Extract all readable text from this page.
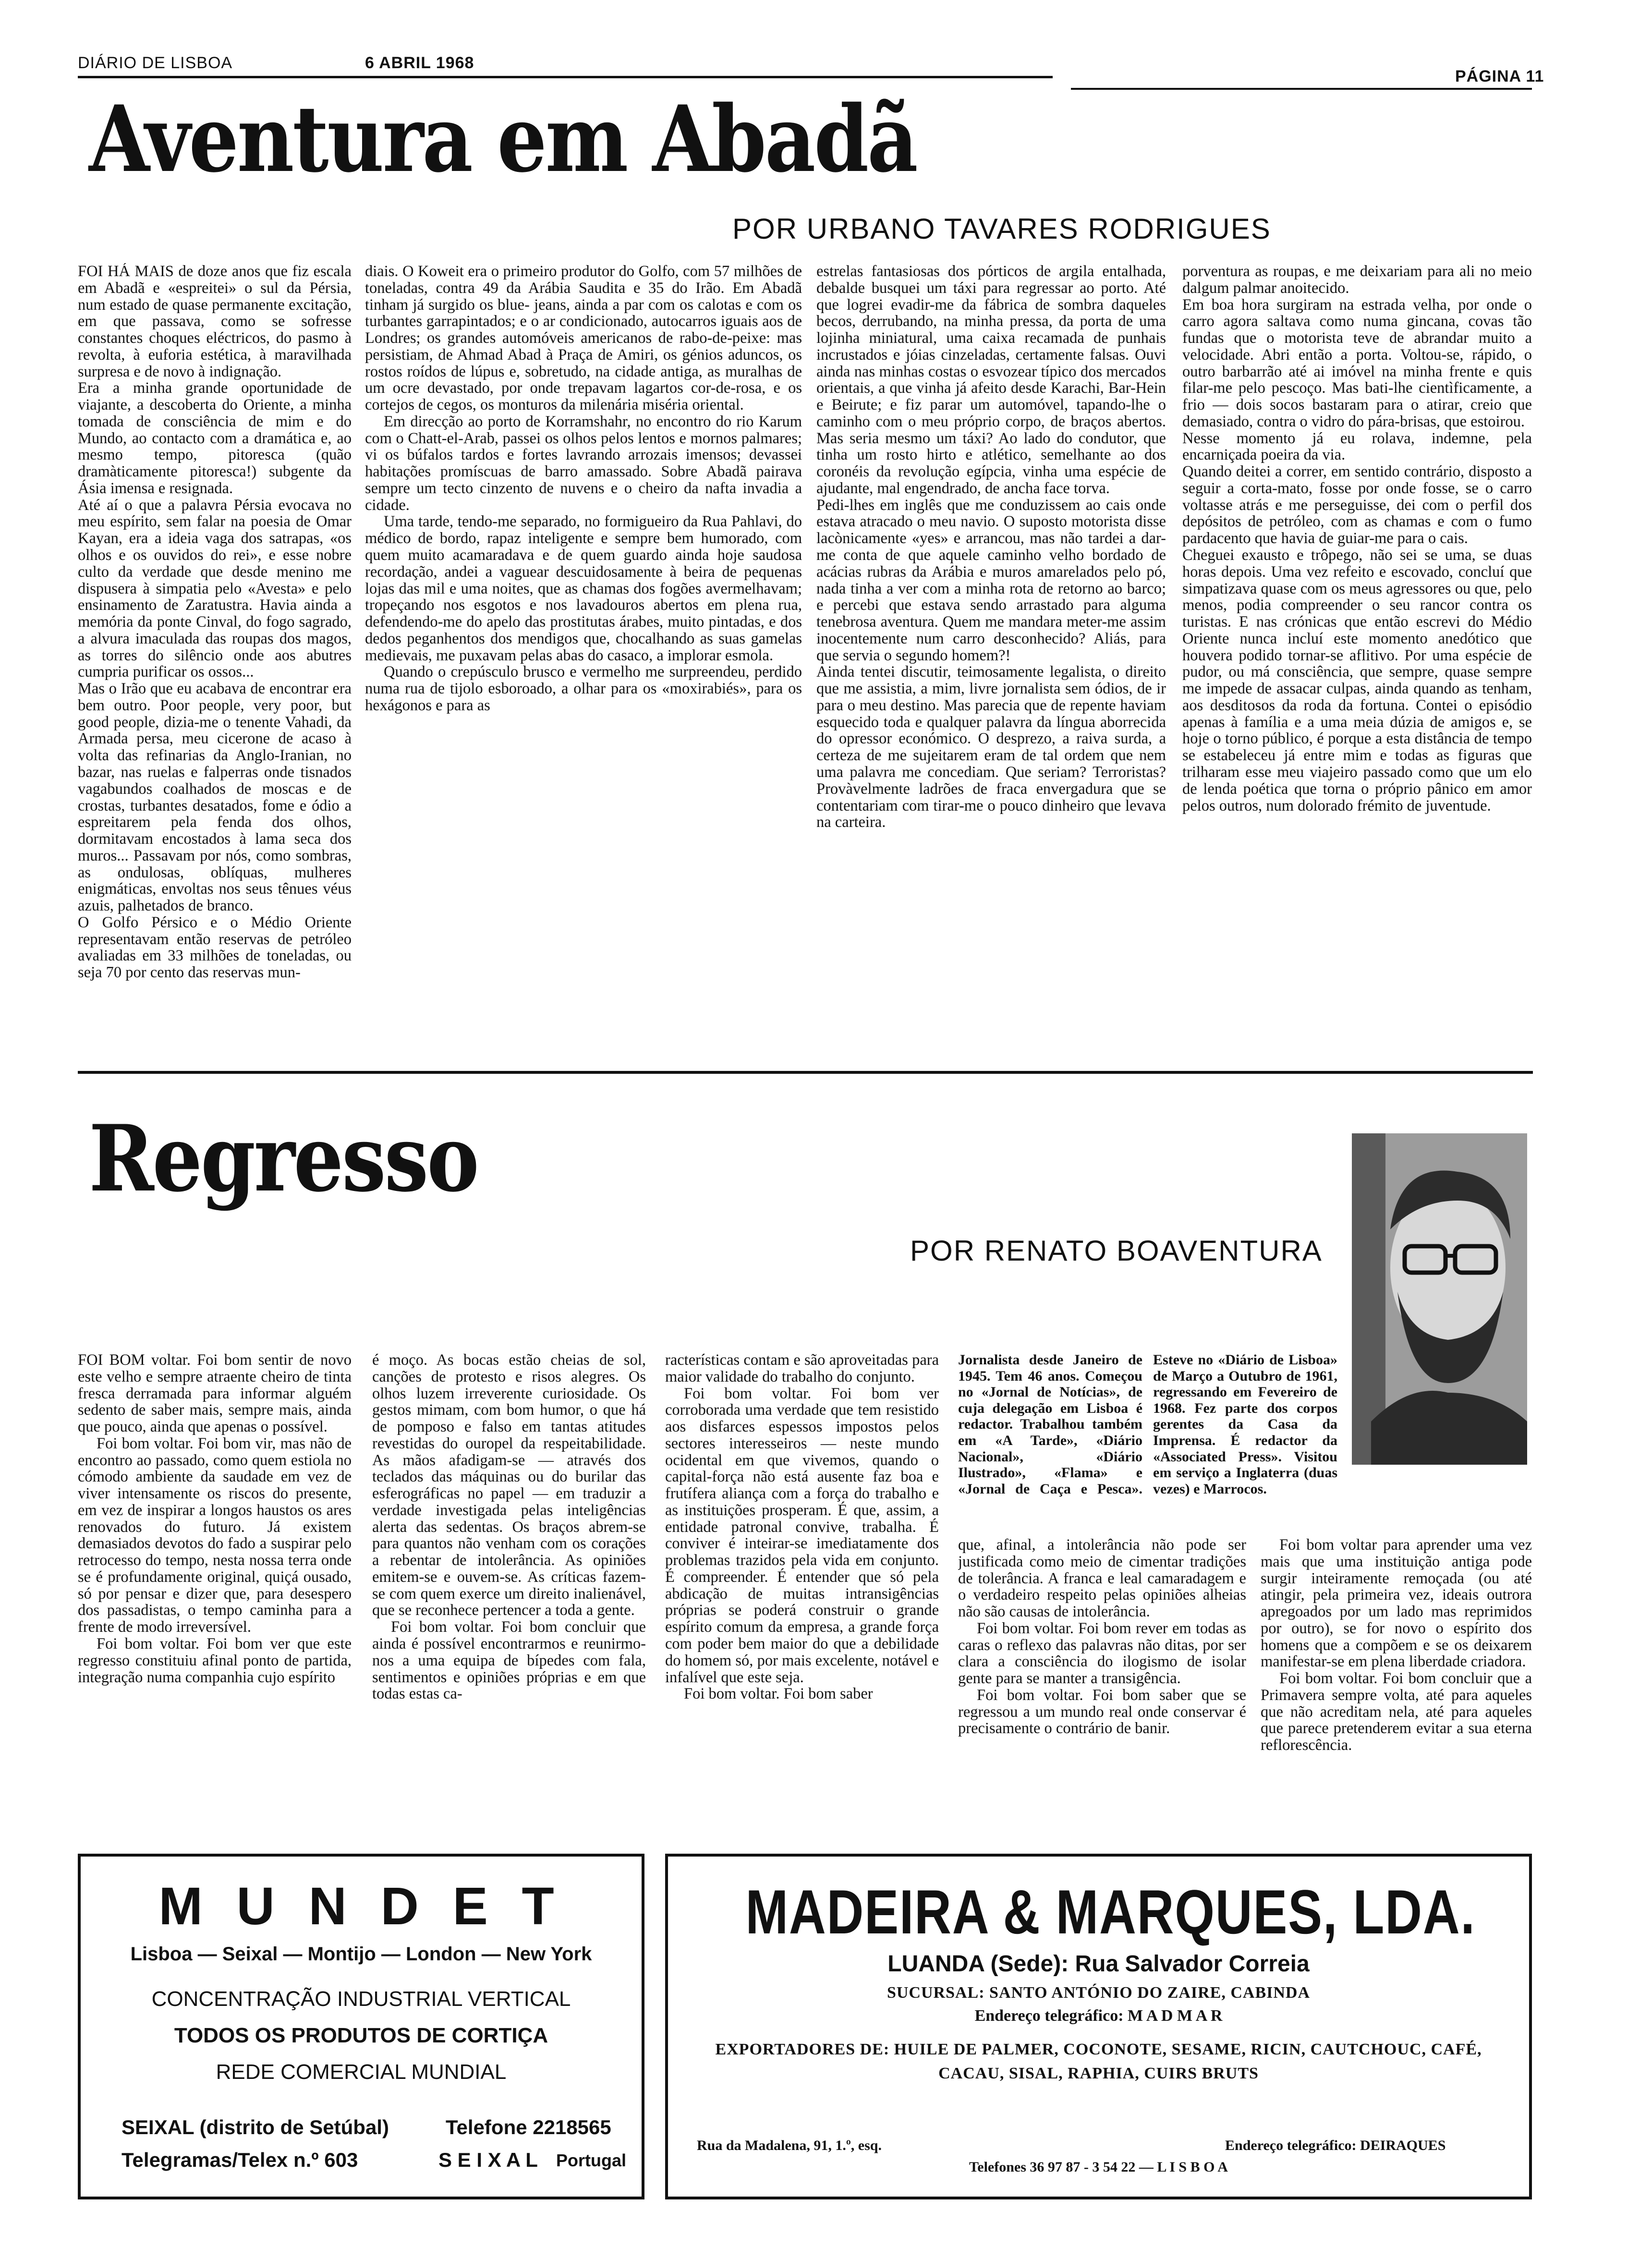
DIÁRIO DE LISBOA	6 ABRIL 1968
PÁGINA 11
Aventura em Abadã
POR URBANO TAVARES RODRIGUES

FOI HÁ MAIS de doze anos que fiz escala em Abadã e «espreitei» o sul da Pérsia, num estado de quase permanente excitação, em que passava, como se sofresse constantes choques eléctricos, do pasmo à revolta, à euforia estética, à maravilhada surpresa e de novo à indignação.

Era a minha grande oportunidade de viajante, a descoberta do Oriente, a minha tomada de consciência de mim e do Mundo, ao contacto com a dramática e, ao mesmo tempo, pitoresca (quão dramàticamente pitoresca!) subgente da Ásia imensa e resignada.

Até aí o que a palavra Pérsia evocava no meu espírito, sem falar na poesia de Omar Kayan, era a ideia vaga dos satrapas, «os olhos e os ouvidos do rei», e esse nobre culto da verdade que desde menino me dispusera à simpatia pelo «Avesta» e pelo ensinamento de Zaratustra. Havia ainda a memória da ponte Cinval, do fogo sagrado, a alvura imaculada das roupas dos magos, as torres do silêncio onde aos abutres cumpria purificar os ossos...

Mas o Irão que eu acabava de encontrar era bem outro. Poor people, very poor, but good people, dizia-me o tenente Vahadi, da Armada persa, meu cicerone de acaso à volta das refinarias da Anglo-Iranian, no bazar, nas ruelas e falperras onde tisnados vagabundos coalhados de moscas e de crostas, turbantes desatados, fome e ódio a espreitarem pela fenda dos olhos, dormitavam encostados à lama seca dos muros... Passavam por nós, como sombras, as ondulosas, oblíquas, mulheres enigmáticas, envoltas nos seus tênues véus azuis, palhetados de branco.

O Golfo Pérsico e o Médio Oriente representavam então reservas de petróleo avaliadas em 33 milhões de toneladas, ou seja 70 por cento das reservas mun-

diais. O Koweit era o primeiro produtor do Golfo, com 57 milhões de toneladas, contra 49 da Arábia Saudita e 35 do Irão. Em Abadã tinham já surgido os blue- jeans, ainda a par com os calotas e com os turbantes garrapintados; e o ar condicionado, autocarros iguais aos de Londres; os grandes automóveis americanos de rabo-de-peixe: mas persistiam, de Ahmad Abad à Praça de Amiri, os génios aduncos, os rostos roídos de lúpus e, sobretudo, na cidade antiga, as muralhas de um ocre devastado, por onde trepavam lagartos cor-de-rosa, e os cortejos de cegos, os monturos da milenária miséria oriental.

Em direcção ao porto de Korramshahr, no encontro do rio Karum com o Chatt-el-Arab, passei os olhos pelos lentos e mornos palmares; vi os búfalos tardos e fortes lavrando arrozais imensos; devassei habitações promíscuas de barro amassado. Sobre Abadã pairava sempre um tecto cinzento de nuvens e o cheiro da nafta invadia a cidade.

Uma tarde, tendo-me separado, no formigueiro da Rua Pahlavi, do médico de bordo, rapaz inteligente e sempre bem humorado, com quem muito acamaradava e de quem guardo ainda hoje saudosa recordação, andei a vaguear descuidosamente à beira de pequenas lojas das mil e uma noites, que as chamas dos fogões avermelhavam; tropeçando nos esgotos e nos lavadouros abertos em plena rua, defendendo-me do apelo das prostitutas árabes, muito pintadas, e dos dedos peganhentos dos mendigos que, chocalhando as suas gamelas medievais, me puxavam pelas abas do casaco, a implorar esmola.

Quando o crepúsculo brusco e vermelho me surpreendeu, perdido numa rua de tijolo esboroado, a olhar para os «moxirabiés», para os hexágonos e para as

estrelas fantasiosas dos pórticos de argila entalhada, debalde busquei um táxi para regressar ao porto. Até que logrei evadir-me da fábrica de sombra daqueles becos, derrubando, na minha pressa, da porta de uma lojinha miniatural, uma caixa recamada de punhais incrustados e jóias cinzeladas, certamente falsas. Ouvi ainda nas minhas costas o esvozear típico dos mercados orientais, a que vinha já afeito desde Karachi, Bar-Hein e Beirute; e fiz parar um automóvel, tapando-lhe o caminho com o meu próprio corpo, de braços abertos. Mas seria mesmo um táxi? Ao lado do condutor, que tinha um rosto hirto e atlético, semelhante ao dos coronéis da revolução egípcia, vinha uma espécie de ajudante, mal engendrado, de ancha face torva.

Pedi-lhes em inglês que me conduzissem ao cais onde estava atracado o meu navio. O suposto motorista disse lacònicamente «yes» e arrancou, mas não tardei a dar-me conta de que aquele caminho velho bordado de acácias rubras da Arábia e muros amarelados pelo pó, nada tinha a ver com a minha rota de retorno ao barco; e percebi que estava sendo arrastado para alguma tenebrosa aventura. Quem me mandara meter-me assim inocentemente num carro desconhecido? Aliás, para que servia o segundo homem?!

Ainda tentei discutir, teimosamente legalista, o direito que me assistia, a mim, livre jornalista sem ódios, de ir para o meu destino. Mas parecia que de repente haviam esquecido toda e qualquer palavra da língua aborrecida do opressor económico. O desprezo, a raiva surda, a certeza de me sujeitarem eram de tal ordem que nem uma palavra me concediam. Que seriam? Terroristas? Provàvelmente ladrões de fraca envergadura que se contentariam com tirar-me o pouco dinheiro que levava na carteira.

porventura as roupas, e me deixariam para ali no meio dalgum palmar anoitecido.

Em boa hora surgiram na estrada velha, por onde o carro agora saltava como numa gincana, covas tão fundas que o motorista teve de abrandar muito a velocidade. Abri então a porta. Voltou-se, rápido, o outro barbarrão até ai imóvel na minha frente e quis filar-me pelo pescoço. Mas bati-lhe cientìficamente, a frio — dois socos bastaram para o atirar, creio que demasiado, contra o vidro do pára-brisas, que estoirou.

Nesse momento já eu rolava, indemne, pela encarniçada poeira da via.

Quando deitei a correr, em sentido contrário, disposto a seguir a corta-mato, fosse por onde fosse, se o carro voltasse atrás e me perseguisse, dei com o perfil dos depósitos de petróleo, com as chamas e com o fumo pardacento que havia de guiar-me para o cais.

Cheguei exausto e trôpego, não sei se uma, se duas horas depois. Uma vez refeito e escovado, concluí que simpatizava quase com os meus agressores ou que, pelo menos, podia compreender o seu rancor contra os turistas. E nas crónicas que então escrevi do Médio Oriente nunca incluí este momento anedótico que houvera podido tornar-se aflitivo. Por uma espécie de pudor, ou má consciência, que sempre, quase sempre me impede de assacar culpas, ainda quando as tenham, aos desditosos da roda da fortuna. Contei o episódio apenas à família e a uma meia dúzia de amigos e, se hoje o torno público, é porque a esta distância de tempo se estabeleceu já entre mim e todas as figuras que trilharam esse meu viajeiro passado como que um elo de lenda poética que torna o próprio pânico em amor pelos outros, num dolorado frémito de juventude.

Regresso
POR RENATO BOAVENTURA

FOI BOM voltar. Foi bom sentir de novo este velho e sempre atraente cheiro de tinta fresca derramada para informar alguém sedento de saber mais, sempre mais, ainda que pouco, ainda que apenas o possível.

Foi bom voltar. Foi bom vir, mas não de encontro ao passado, como quem estiola no cómodo ambiente da saudade em vez de viver intensamente os riscos do presente, em vez de inspirar a longos haustos os ares renovados do futuro. Já existem demasiados devotos do fado a suspirar pelo retrocesso do tempo, nesta nossa terra onde se é profundamente original, quiçá ousado, só por pensar e dizer que, para desespero dos passadistas, o tempo caminha para a frente de modo irreversível.

Foi bom voltar. Foi bom ver que este regresso constituiu afinal ponto de partida, integração numa companhia cujo espírito

é moço. As bocas estão cheias de sol, canções de protesto e risos alegres. Os olhos luzem irreverente curiosidade. Os gestos mimam, com bom humor, o que há de pomposo e falso em tantas atitudes revestidas do ouropel da respeitabilidade. As mãos afadigam-se — através dos teclados das máquinas ou do burilar das esferográficas no papel — em traduzir a verdade investigada pelas inteligências alerta das sedentas. Os braços abrem-se para quantos não venham com os corações a rebentar de intolerância. As opiniões emitem-se e ouvem-se. As críticas fazem-se com quem exerce um direito inalienável, que se reconhece pertencer a toda a gente.

Foi bom voltar. Foi bom concluir que ainda é possível encontrarmos e reunirmo-nos a uma equipa de bípedes com fala, sentimentos e opiniões próprias e em que todas estas ca-

racterísticas contam e são aproveitadas para maior validade do trabalho do conjunto.

Foi bom voltar. Foi bom ver corroborada uma verdade que tem resistido aos disfarces espessos impostos pelos sectores interesseiros — neste mundo ocidental em que vivemos, quando o capital-força não está ausente faz boa e frutífera aliança com a força do trabalho e as instituições prosperam. É que, assim, a entidade patronal convive, trabalha. É conviver é inteirar-se imediatamente dos problemas trazidos pela vida em conjunto. É compreender. É entender que só pela abdicação de muitas intransigências próprias se poderá construir o grande espírito comum da empresa, a grande força com poder bem maior do que a debilidade do homem só, por mais excelente, notável e infalível que este seja.

Foi bom voltar. Foi bom saber

Jornalista desde Janeiro de 1945. Tem 46 anos. Começou no «Jornal de Notícias», de cuja delegação em Lisboa é redactor. Trabalhou também em «A Tarde», «Diário Nacional», «Diário Ilustrado», «Flama» e «Jornal de Caça e Pesca». Esteve no «Diário de Lisboa» de Março a Outubro de 1961, regressando em Fevereiro de 1968. Fez parte dos corpos gerentes da Casa da Imprensa. É redactor da «Associated Press». Visitou em serviço a Inglaterra (duas vezes) e Marrocos.

que, afinal, a intolerância não pode ser justificada como meio de cimentar tradições de tolerância. A franca e leal camaradagem e o verdadeiro respeito pelas opiniões alheias não são causas de intolerância.

Foi bom voltar. Foi bom rever em todas as caras o reflexo das palavras não ditas, por ser clara a consciência do ilogismo de isolar gente para se manter a transigência.

Foi bom voltar. Foi bom saber que se regressou a um mundo real onde conservar é precisamente o contrário de banir.

Foi bom voltar para aprender uma vez mais que uma instituição antiga pode surgir inteiramente remoçada (ou até atingir, pela primeira vez, ideais outrora apregoados por um lado mas reprimidos por outro), se for novo o espírito dos homens que a compõem e se os deixarem manifestar-se em plena liberdade criadora.

Foi bom voltar. Foi bom concluir que a Primavera sempre volta, até para aqueles que não acreditam nela, até para aqueles que parece pretenderem evitar a sua eterna reflorescência.

M U N D E T
Lisboa — Seixal — Montijo — London — New York
CONCENTRAÇÃO INDUSTRIAL VERTICAL
TODOS OS PRODUTOS DE CORTIÇA
REDE COMERCIAL MUNDIAL
SEIXAL (distrito de Setúbal)	Telefone 2218565
Telegramas/Telex n.º 603	S E I X A L Portugal
MADEIRA & MARQUES, LDA.
LUANDA (Sede): Rua Salvador Correia
SUCURSAL: SANTO ANTÓNIO DO ZAIRE, CABINDA
Endereço telegráfico: M A D M A R
EXPORTADORES DE: HUILE DE PALMER, COCONOTE, SESAME, RICIN, CAUTCHOUC, CAFÉ,
CACAU, SISAL, RAPHIA, CUIRS BRUTS
Rua da Madalena, 91, 1.º, esq.	Endereço telegráfico: DEIRAQUES
Telefones 36 97 87 - 3 54 22 — L I S B O A
